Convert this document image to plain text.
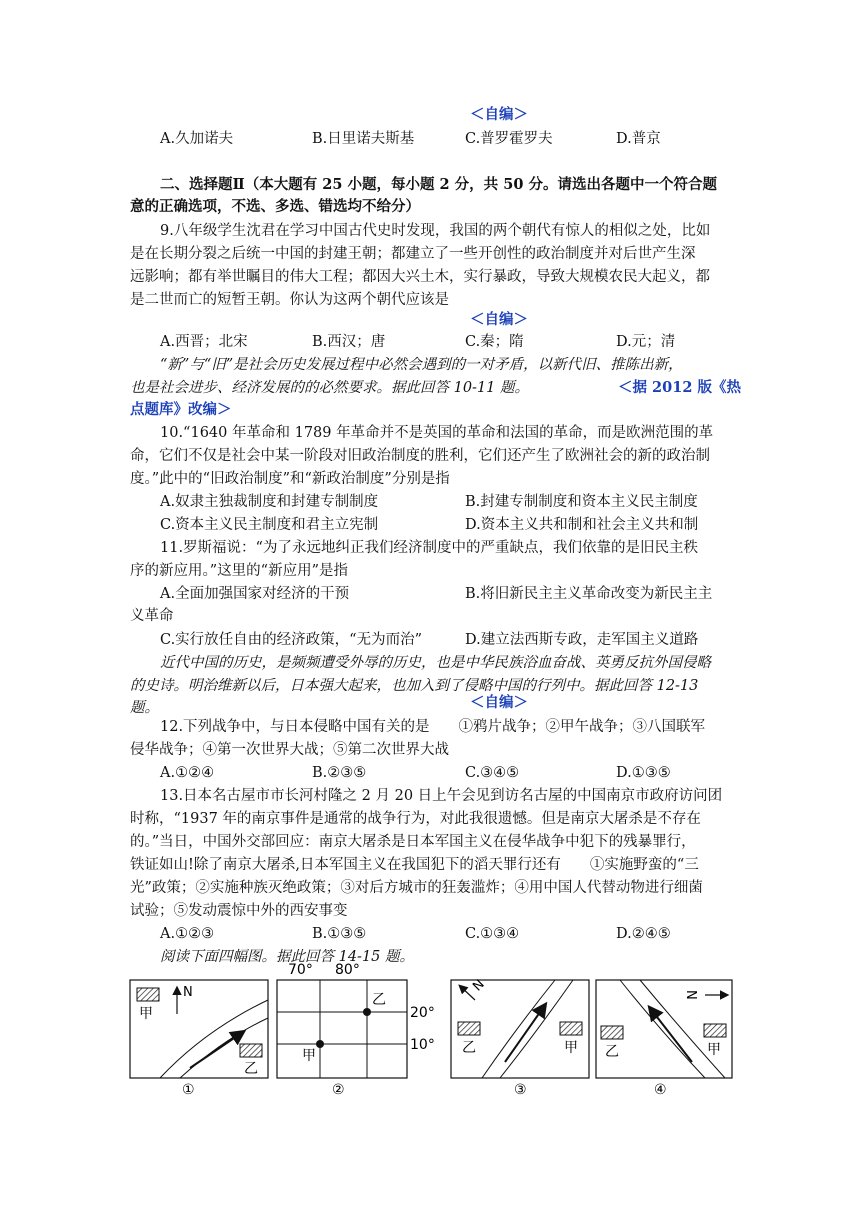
＜自编＞
A.久加诺夫	B.日里诺夫斯基	C.普罗霍罗夫	D.普京
二、选择题Ⅱ（本大题有 25 小题，每小题 2 分，共 50 分。请选出各题中一个符合题
意的正确选项，不选、多选、错选均不给分）
9.八年级学生沈君在学习中国古代史时发现，我国的两个朝代有惊人的相似之处，比如
是在长期分裂之后统一中国的封建王朝；都建立了一些开创性的政治制度并对后世产生深
远影响；都有举世瞩目的伟大工程；都因大兴土木，实行暴政，导致大规模农民大起义，都
是二世而亡的短暂王朝。你认为这两个朝代应该是
＜自编＞
A.西晋；北宋	B.西汉；唐	C.秦；隋	D.元；清
“新”与“旧”是社会历史发展过程中必然会遇到的一对矛盾，以新代旧、推陈出新，
也是社会进步、经济发展的的必然要求。据此回答 10-11 题。	＜据 2012 版《热
点题库》改编＞
10.“1640 年革命和 1789 年革命并不是英国的革命和法国的革命，而是欧洲范围的革
命，它们不仅是社会中某一阶段对旧政治制度的胜利，它们还产生了欧洲社会的新的政治制
度。”此中的“旧政治制度”和“新政治制度”分别是指
A.奴隶主独裁制度和封建专制制度	B.封建专制制度和资本主义民主制度
C.资本主义民主制度和君主立宪制	D.资本主义共和制和社会主义共和制
11.罗斯福说：“为了永远地纠正我们经济制度中的严重缺点，我们依靠的是旧民主秩
序的新应用。”这里的“新应用”是指
A.全面加强国家对经济的干预	B.将旧新民主主义革命改变为新民主主
义革命
C.实行放任自由的经济政策，“无为而治”	D.建立法西斯专政，走军国主义道路
近代中国的历史，是频频遭受外辱的历史，也是中华民族浴血奋战、英勇反抗外国侵略
的史诗。明治维新以后，日本强大起来，也加入到了侵略中国的行列中。据此回答 12-13
题。	＜自编＞
12.下列战争中，与日本侵略中国有关的是　　①鸦片战争；②甲午战争；③八国联军
侵华战争；④第一次世界大战；⑤第二次世界大战
A.①②④	B.②③⑤	C.③④⑤	D.①③⑤
13.日本名古屋市市长河村隆之 2 月 20 日上午会见到访名古屋的中国南京市政府访问团
时称，“1937 年的南京事件是通常的战争行为，对此我很遗憾。但是南京大屠杀是不存在
的。”当日，中国外交部回应：南京大屠杀是日本军国主义在侵华战争中犯下的残暴罪行，
铁证如山!除了南京大屠杀,日本军国主义在我国犯下的滔天罪行还有　　①实施野蛮的“三
光”政策；②实施种族灭绝政策；③对后方城市的狂轰滥炸；④用中国人代替动物进行细菌
试验；⑤发动震惊中外的西安事变
A.①②③	B.①③⑤	C.①③④	D.②④⑤
阅读下面四幅图。据此回答 14-15 题。
甲
N
乙
①
70° 80°
乙
甲
20°
10°
②
N
乙	甲
③
N
乙	甲
④
